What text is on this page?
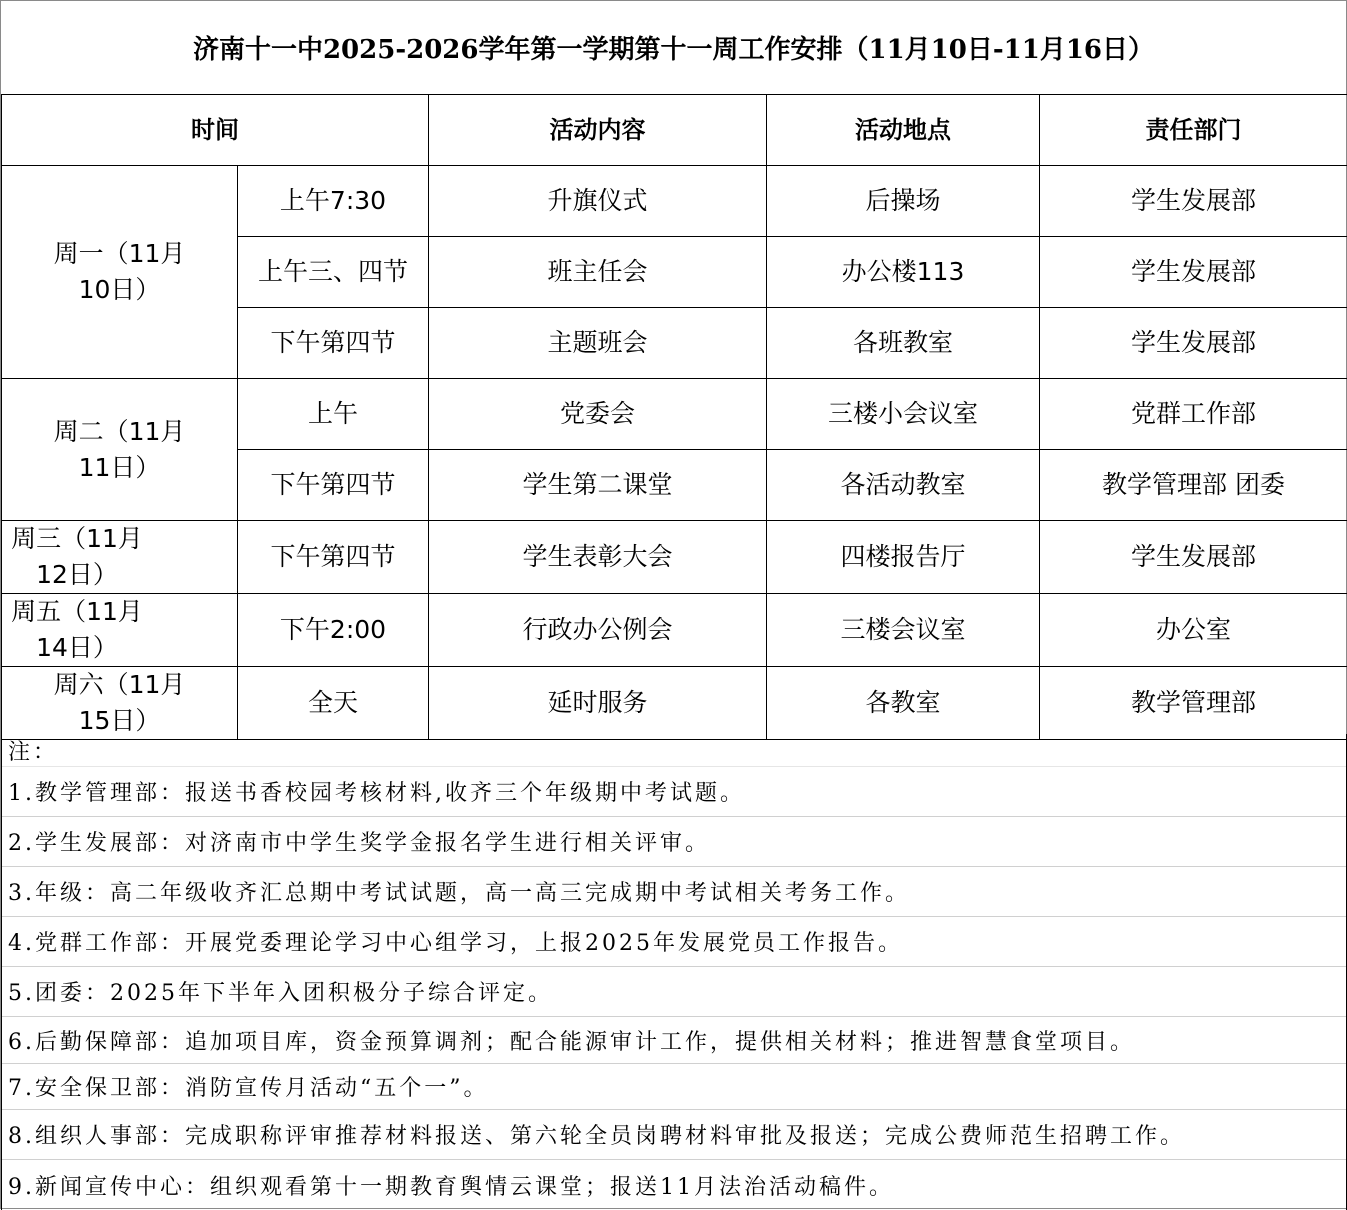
济南十一中2025-2026学年第一学期第十一周工作安排（11月10日-11月16日）
时间		活动内容	活动地点	责任部门

周一（11月10日）	上午7:30	升旗仪式	后操场	学生发展部
	上午三、四节	班主任会	办公楼113	学生发展部
	下午第四节	主题班会	各班教室	学生发展部

周二（11月11日）	上午	党委会	三楼小会议室	党群工作部
	下午第四节	学生第二课堂	各活动教室	教学管理部 团委

周三（11月12日）	下午第四节	学生表彰大会	四楼报告厅	学生发展部

周五（11月14日）	下午2:00	行政办公例会	三楼会议室	办公室

周六（11月15日）	全天	延时服务	各教室	教学管理部
注：
1.教学管理部：报送书香校园考核材料,收齐三个年级期中考试题。
2.学生发展部：对济南市中学生奖学金报名学生进行相关评审。
3.年级：高二年级收齐汇总期中考试试题，高一高三完成期中考试相关考务工作。
4.党群工作部：开展党委理论学习中心组学习，上报2025年发展党员工作报告。
5.团委：2025年下半年入团积极分子综合评定。
6.后勤保障部：追加项目库，资金预算调剂；配合能源审计工作，提供相关材料；推进智慧食堂项目。
7.安全保卫部：消防宣传月活动“五个一”。
8.组织人事部：完成职称评审推荐材料报送、第六轮全员岗聘材料审批及报送；完成公费师范生招聘工作。
9.新闻宣传中心：组织观看第十一期教育舆情云课堂；报送11月法治活动稿件。
